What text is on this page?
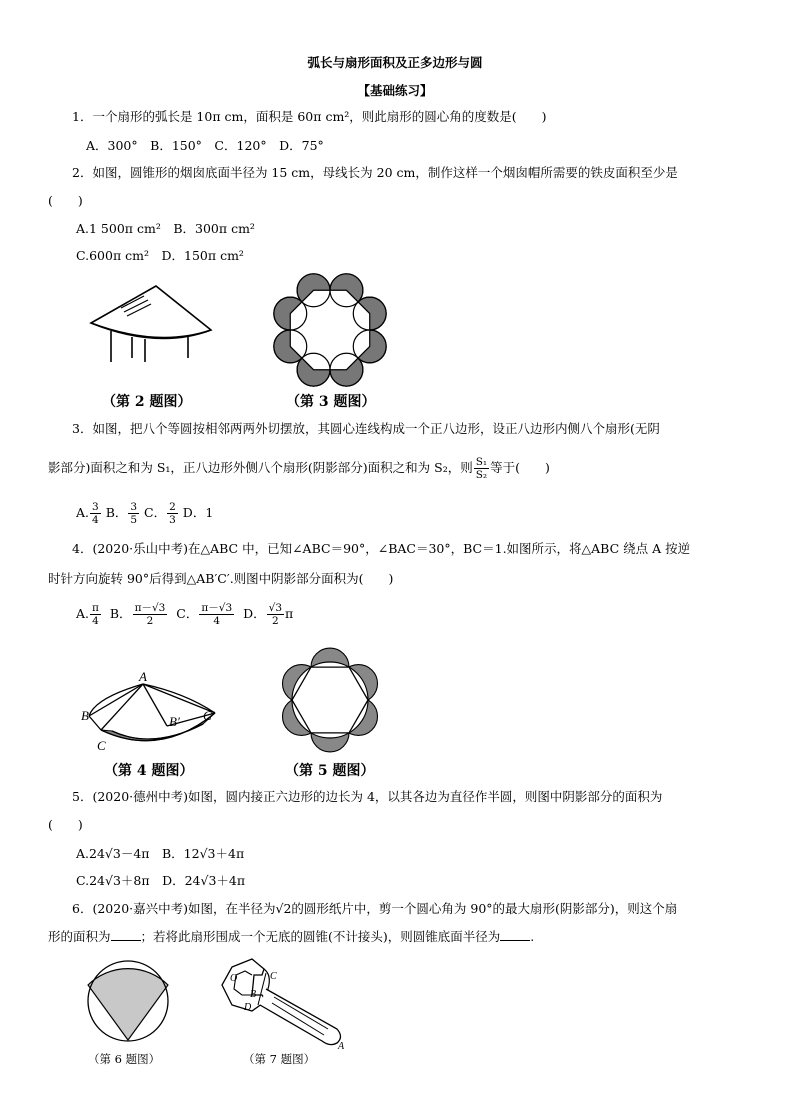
弧长与扇形面积及正多边形与圆
【基础练习】
1．一个扇形的弧长是 10π cm，面积是 60π cm²，则此扇形的圆心角的度数是(　　)
A．300°　B．150°　C．120°　D．75°
2．如图，圆锥形的烟囱底面半径为 15 cm，母线长为 20 cm，制作这样一个烟囱帽所需要的铁皮面积至少是
(　　)
A.1 500π cm²　B．300π cm²
C.600π cm²　D．150π cm²
（第 2 题图）	（第 3 题图）
3．如图，把八个等圆按相邻两两外切摆放，其圆心连线构成一个正八边形，设正八边形内侧八个扇形(无阴
影部分)面积之和为 S₁，正八边形外侧八个扇形(阴影部分)面积之和为 S₂，则 $\frac{\text{S₁}}{\text{S₂}}$ 等于(　　)
A. $\frac{3}{4}$ B． $\frac{3}{5}$ C． $\frac{2}{3}$ D．1
4．(2020·乐山中考)在△ABC 中，已知∠ABC＝90°，∠BAC＝30°，BC＝1.如图所示，将△ABC 绕点 A 按逆
时针方向旋转 90°后得到△AB′C′.则图中阴影部分面积为(　　)
A. $\frac{\pi}{4}$ B． $\frac{\pi-√3}{2}$ C． $\frac{\pi-√3}{4}$ D． $\frac{√3}{2}$ π
A
B	B′ C′
C
（第 4 题图）	（第 5 题图）
5．(2020·德州中考)如图，圆内接正六边形的边长为 4，以其各边为直径作半圆，则图中阴影部分的面积为
(　　)
A.24√3－4π　B．12√3＋4π
C.24√3＋8π　D．24√3＋4π
6．(2020·嘉兴中考)如图，在半径为√2的圆形纸片中，剪一个圆心角为 90°的最大扇形(阴影部分)，则这个扇
形的面积为 ；若将此扇形围成一个无底的圆锥(不计接头)，则圆锥底面半径为 .
（第 6 题图）
O	C
B
D
A
（第 7 题图）
